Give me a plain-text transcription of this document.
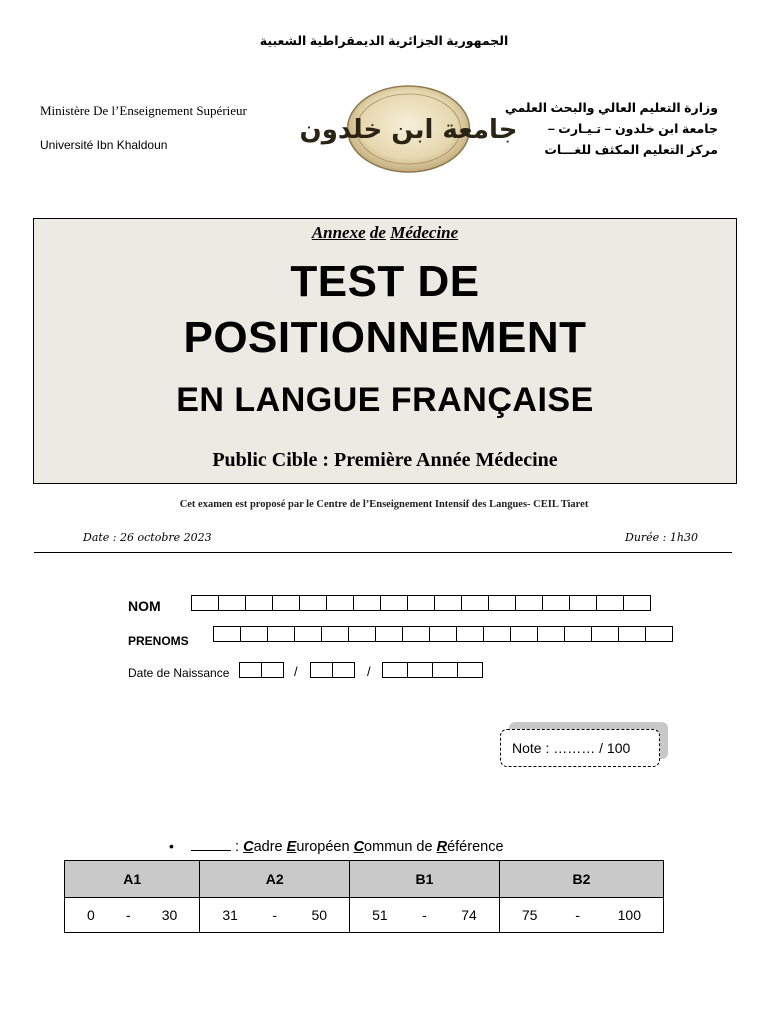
الجمهورية الجزائرية الديمقراطية الشعبية
Ministère De l’Enseignement Supérieur
Université Ibn Khaldoun
وزارة التعليم العالي والبحث العلمي
جامعة ابن خلدون – تـيـارت –
مركز التعليم المكثف للغـــات
جامعة ابن خلدون
Annexe de Médecine
TEST DE
POSITIONNEMENT
EN LANGUE FRANÇAISE
Public Cible : Première Année Médecine
Cet examen est proposé par le Centre de l’Enseignement Intensif des Langues- CEIL Tiaret
Date : 26 octobre 2023	Durée : 1h30
NOM
PRENOMS
Date de Naissance	/	/
Note : ……… / 100
•	: Cadre Européen Commun de Référence
A1	A2	B1	B2

0 - 30	31 - 50	51 - 74	75 - 100
